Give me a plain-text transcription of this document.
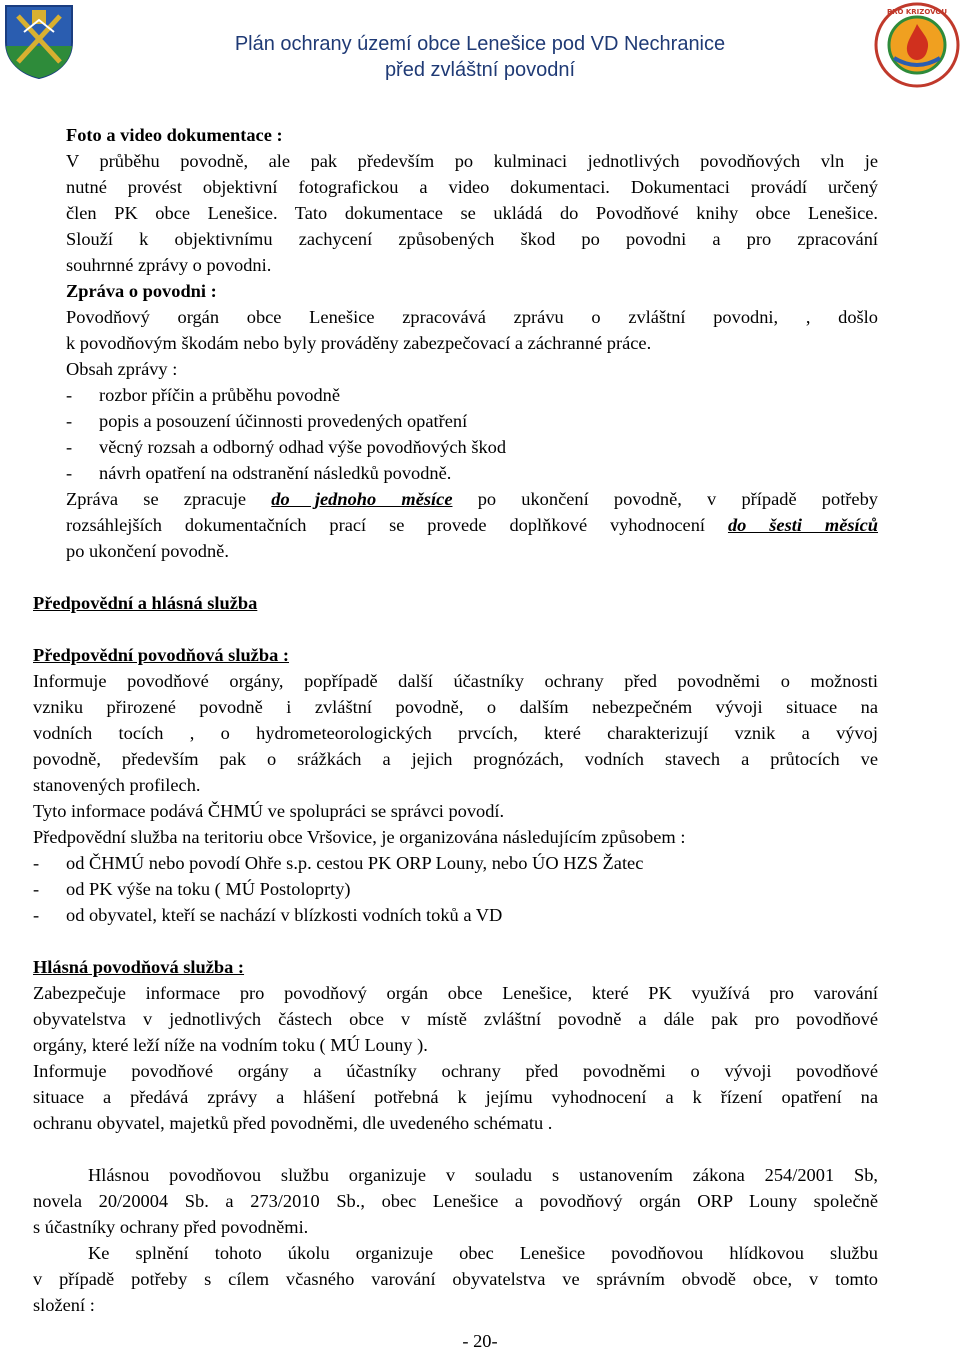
Plán ochrany území obce Lenešice pod VD Nechranice
před zvláštní povodní
PRO KRIZOVOU

Foto a video dokumentace :

V průběhu povodně, ale pak především po kulminaci jednotlivých povodňových vln je

nutné provést objektivní fotografickou a video dokumentaci. Dokumentaci provádí určený

člen PK obce Lenešice. Tato dokumentace se ukládá do Povodňové knihy obce Lenešice.

Slouží k objektivnímu zachycení způsobených škod po povodni a pro zpracování

souhrnné zprávy o povodni.

Zpráva o povodni :

Povodňový orgán obce Lenešice zpracovává zprávu o zvláštní povodni, , došlo

k povodňovým škodám nebo byly prováděny zabezpečovací a záchranné práce.

Obsah zprávy :

-	rozbor příčin a průběhu povodně
-	popis a posouzení účinnosti provedených opatření
-	věcný rozsah a odborný odhad výše povodňových škod
-	návrh opatření na odstranění následků povodně.

Zpráva se zpracuje do jednoho měsíce po ukončení povodně, v případě potřeby

rozsáhlejších dokumentačních prací se provede doplňkové vyhodnocení do šesti měsíců

po ukončení povodně.

Předpovědní a hlásná služba

Předpovědní povodňová služba :

Informuje povodňové orgány, popřípadě další účastníky ochrany před povodněmi o možnosti

vzniku přirozené povodně i zvláštní povodně, o dalším nebezpečném vývoji situace na

vodních tocích , o hydrometeorologických prvcích, které charakterizují vznik a vývoj

povodně, především pak o srážkách a jejich prognózách, vodních stavech a průtocích ve

stanovených profilech.

Tyto informace podává ČHMÚ ve spolupráci se správci povodí.

Předpovědní služba na teritoriu obce Vršovice, je organizována následujícím způsobem :

-	od ČHMÚ nebo povodí Ohře s.p. cestou PK ORP Louny, nebo ÚO HZS Žatec
-	od PK výše na toku ( MÚ Postoloprty)
-	od obyvatel, kteří se nachází v blízkosti vodních toků a VD

Hlásná povodňová služba :

Zabezpečuje informace pro povodňový orgán obce Lenešice, které PK využívá pro varování

obyvatelstva v jednotlivých částech obce v místě zvláštní povodně a dále pak pro povodňové

orgány, které leží níže na vodním toku ( MÚ Louny ).

Informuje povodňové orgány a účastníky ochrany před povodněmi o vývoji povodňové

situace a předává zprávy a hlášení potřebná k jejímu vyhodnocení a k řízení opatření na

ochranu obyvatel, majetků před povodněmi, dle uvedeného schématu .

Hlásnou povodňovou službu organizuje v souladu s ustanovením zákona 254/2001 Sb,

novela 20/20004 Sb. a 273/2010 Sb., obec Lenešice a povodňový orgán ORP Louny společně

s účastníky ochrany před povodněmi.

Ke splnění tohoto úkolu organizuje obec Lenešice povodňovou hlídkovou službu

v případě potřeby s cílem včasného varování obyvatelstva ve správním obvodě obce, v tomto

složení :

- 20-
